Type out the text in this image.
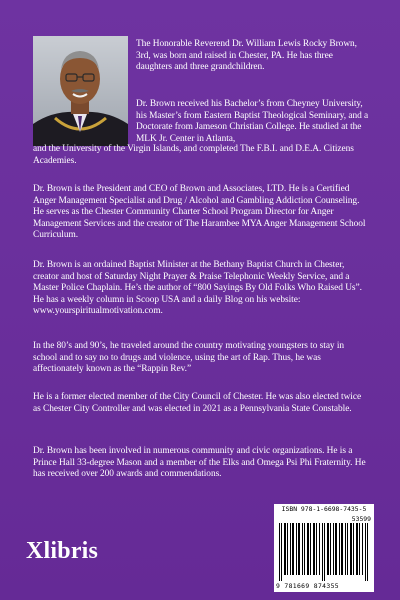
The Honorable Reverend Dr. William Lewis Rocky Brown, 3rd, was born and raised in Chester, PA. He has three daughters and three grandchildren.
Dr. Brown received his Bachelor’s from Cheyney University, his Master’s from Eastern Baptist Theological Seminary, and a Doctorate from Jameson Christian College. He studied at the MLK Jr. Center in Atlanta,
and the University of the Virgin Islands, and completed The F.B.I. and D.E.A. Citizens Academies.
Dr. Brown is the President and CEO of Brown and Associates, LTD. He is a Certified Anger Management Specialist and Drug / Alcohol and Gambling Addiction Counseling. He serves as the Chester Community Charter School Program Director for Anger Management Services and the creator of The Harambee MYA Anger Management School Curriculum.
Dr. Brown is an ordained Baptist Minister at the Bethany Baptist Church in Chester, creator and host of Saturday Night Prayer & Praise Telephonic Weekly Service, and a Master Police Chaplain. He’s the author of “800 Sayings By Old Folks Who Raised Us”. He has a weekly column in Scoop USA and a daily Blog on his website: www.yourspiritualmotivation.com.
In the 80’s and 90’s, he traveled around the country motivating youngsters to stay in school and to say no to drugs and violence, using the art of Rap. Thus, he was affectionately known as the “Rappin Rev.”
He is a former elected member of the City Council of Chester. He was also elected twice as Chester City Controller and was elected in 2021 as a Pennsylvania State Constable.
Dr. Brown has been involved in numerous community and civic organizations. He is a Prince Hall 33-degree Mason and a member of the Elks and Omega Psi Phi Fraternity. He has received over 200 awards and commendations.
Xlibris
ISBN 978-1-6698-7435-5
53599
9 781669 874355
